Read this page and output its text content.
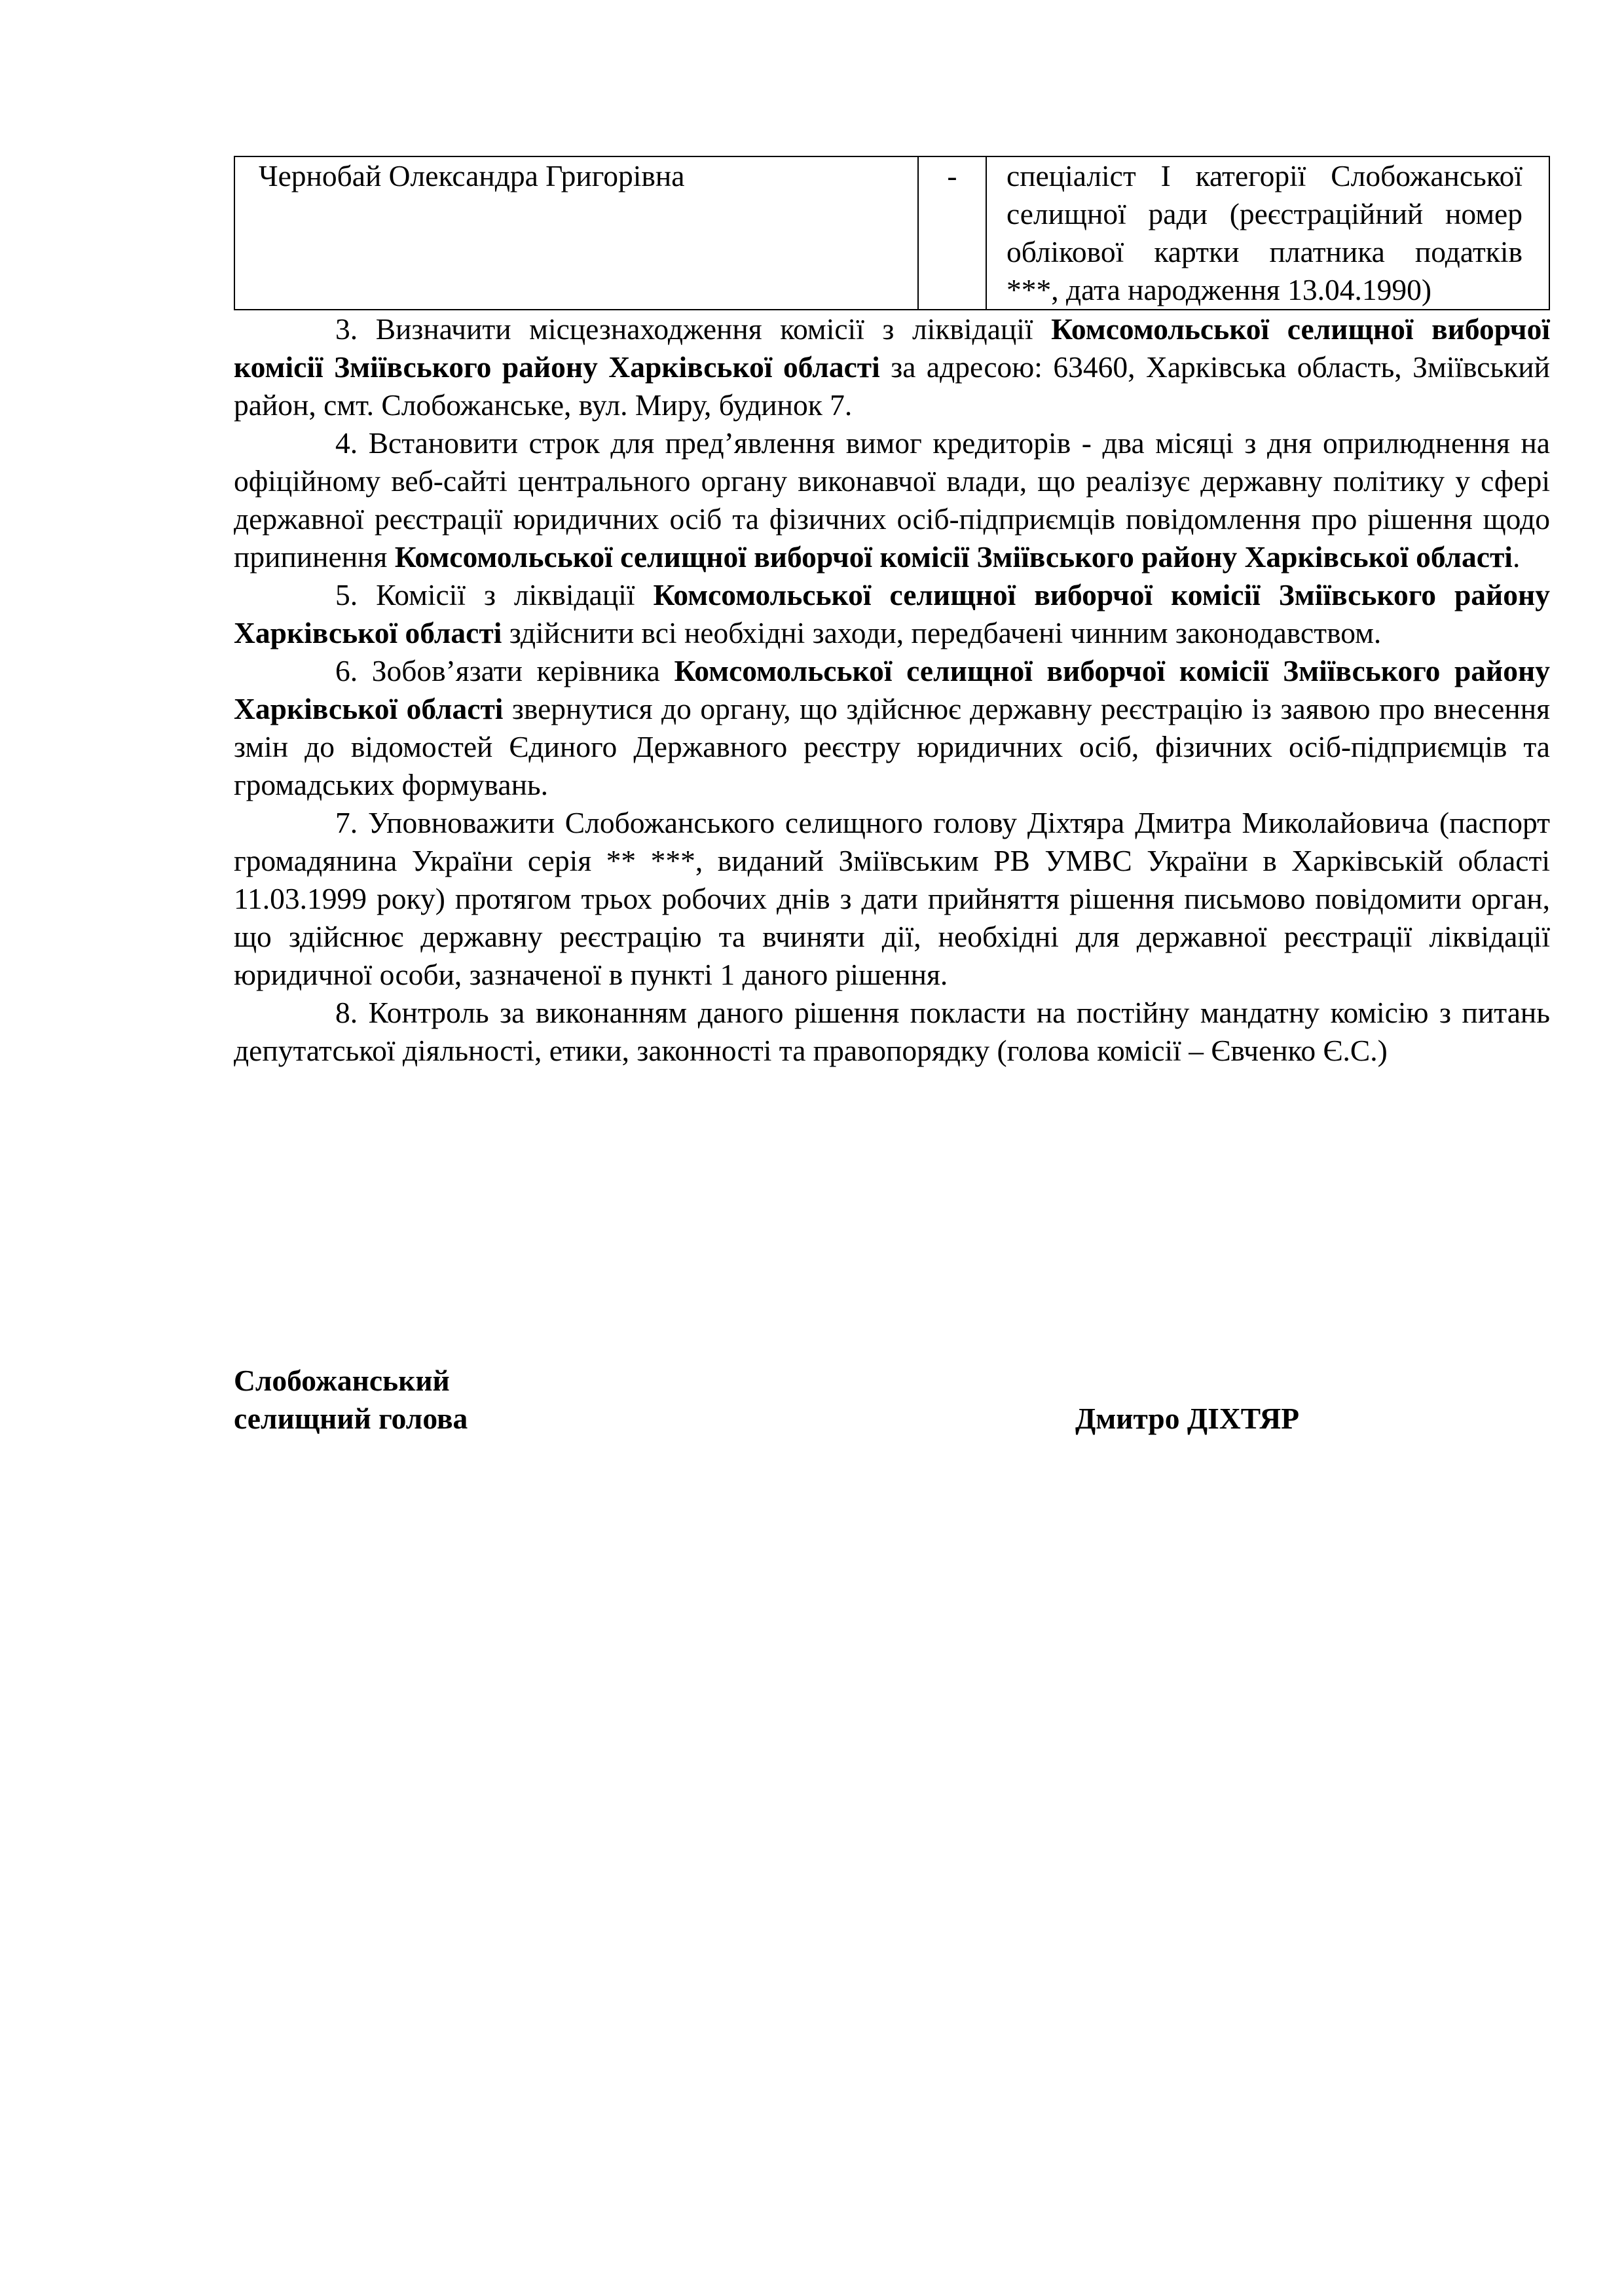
Чернобай Олександра Григорівна	-	спеціаліст І категорії Слобожанської
селищної ради (реєстраційний номер
облікової картки платника податків
***, дата народження 13.04.1990)

3. Визначити місцезнаходження комісії з ліквідації Комсомольської селищної виборчої комісії Зміївського району Харківської області за адресою: 63460, Харківська область, Зміївський район, смт. Слобожанське, вул. Миру, будинок 7.

4. Встановити строк для пред’явлення вимог кредиторів - два місяці з дня оприлюднення на офіційному веб-сайті центрального органу виконавчої влади, що реалізує державну політику у сфері державної реєстрації юридичних осіб та фізичних осіб-підприємців повідомлення про рішення щодо припинення Комсомольської селищної виборчої комісії Зміївського району Харківської області.

5. Комісії з ліквідації Комсомольської селищної виборчої комісії Зміївського району Харківської області здійснити всі необхідні заходи, передбачені чинним законодавством.

6. Зобов’язати керівника Комсомольської селищної виборчої комісії Зміївського району Харківської області звернутися до органу, що здійснює державну реєстрацію із заявою про внесення змін до відомостей Єдиного Державного реєстру юридичних осіб, фізичних осіб-підприємців та громадських формувань.

7. Уповноважити Слобожанського селищного голову Діхтяра Дмитра Миколайовича (паспорт громадянина України серія ** ***, виданий Зміївським РВ УМВС України в Харківській області 11.03.1999 року) протягом трьох робочих днів з дати прийняття рішення письмово повідомити орган, що здійснює державну реєстрацію та вчиняти дії, необхідні для державної реєстрації ліквідації юридичної особи, зазначеної в пункті 1 даного рішення.

8. Контроль за виконанням даного рішення покласти на постійну мандатну комісію з питань депутатської діяльності, етики, законності та правопорядку (голова комісії – Євченко Є.С.)

Слобожанський
селищний голова	Дмитро ДІХТЯР
